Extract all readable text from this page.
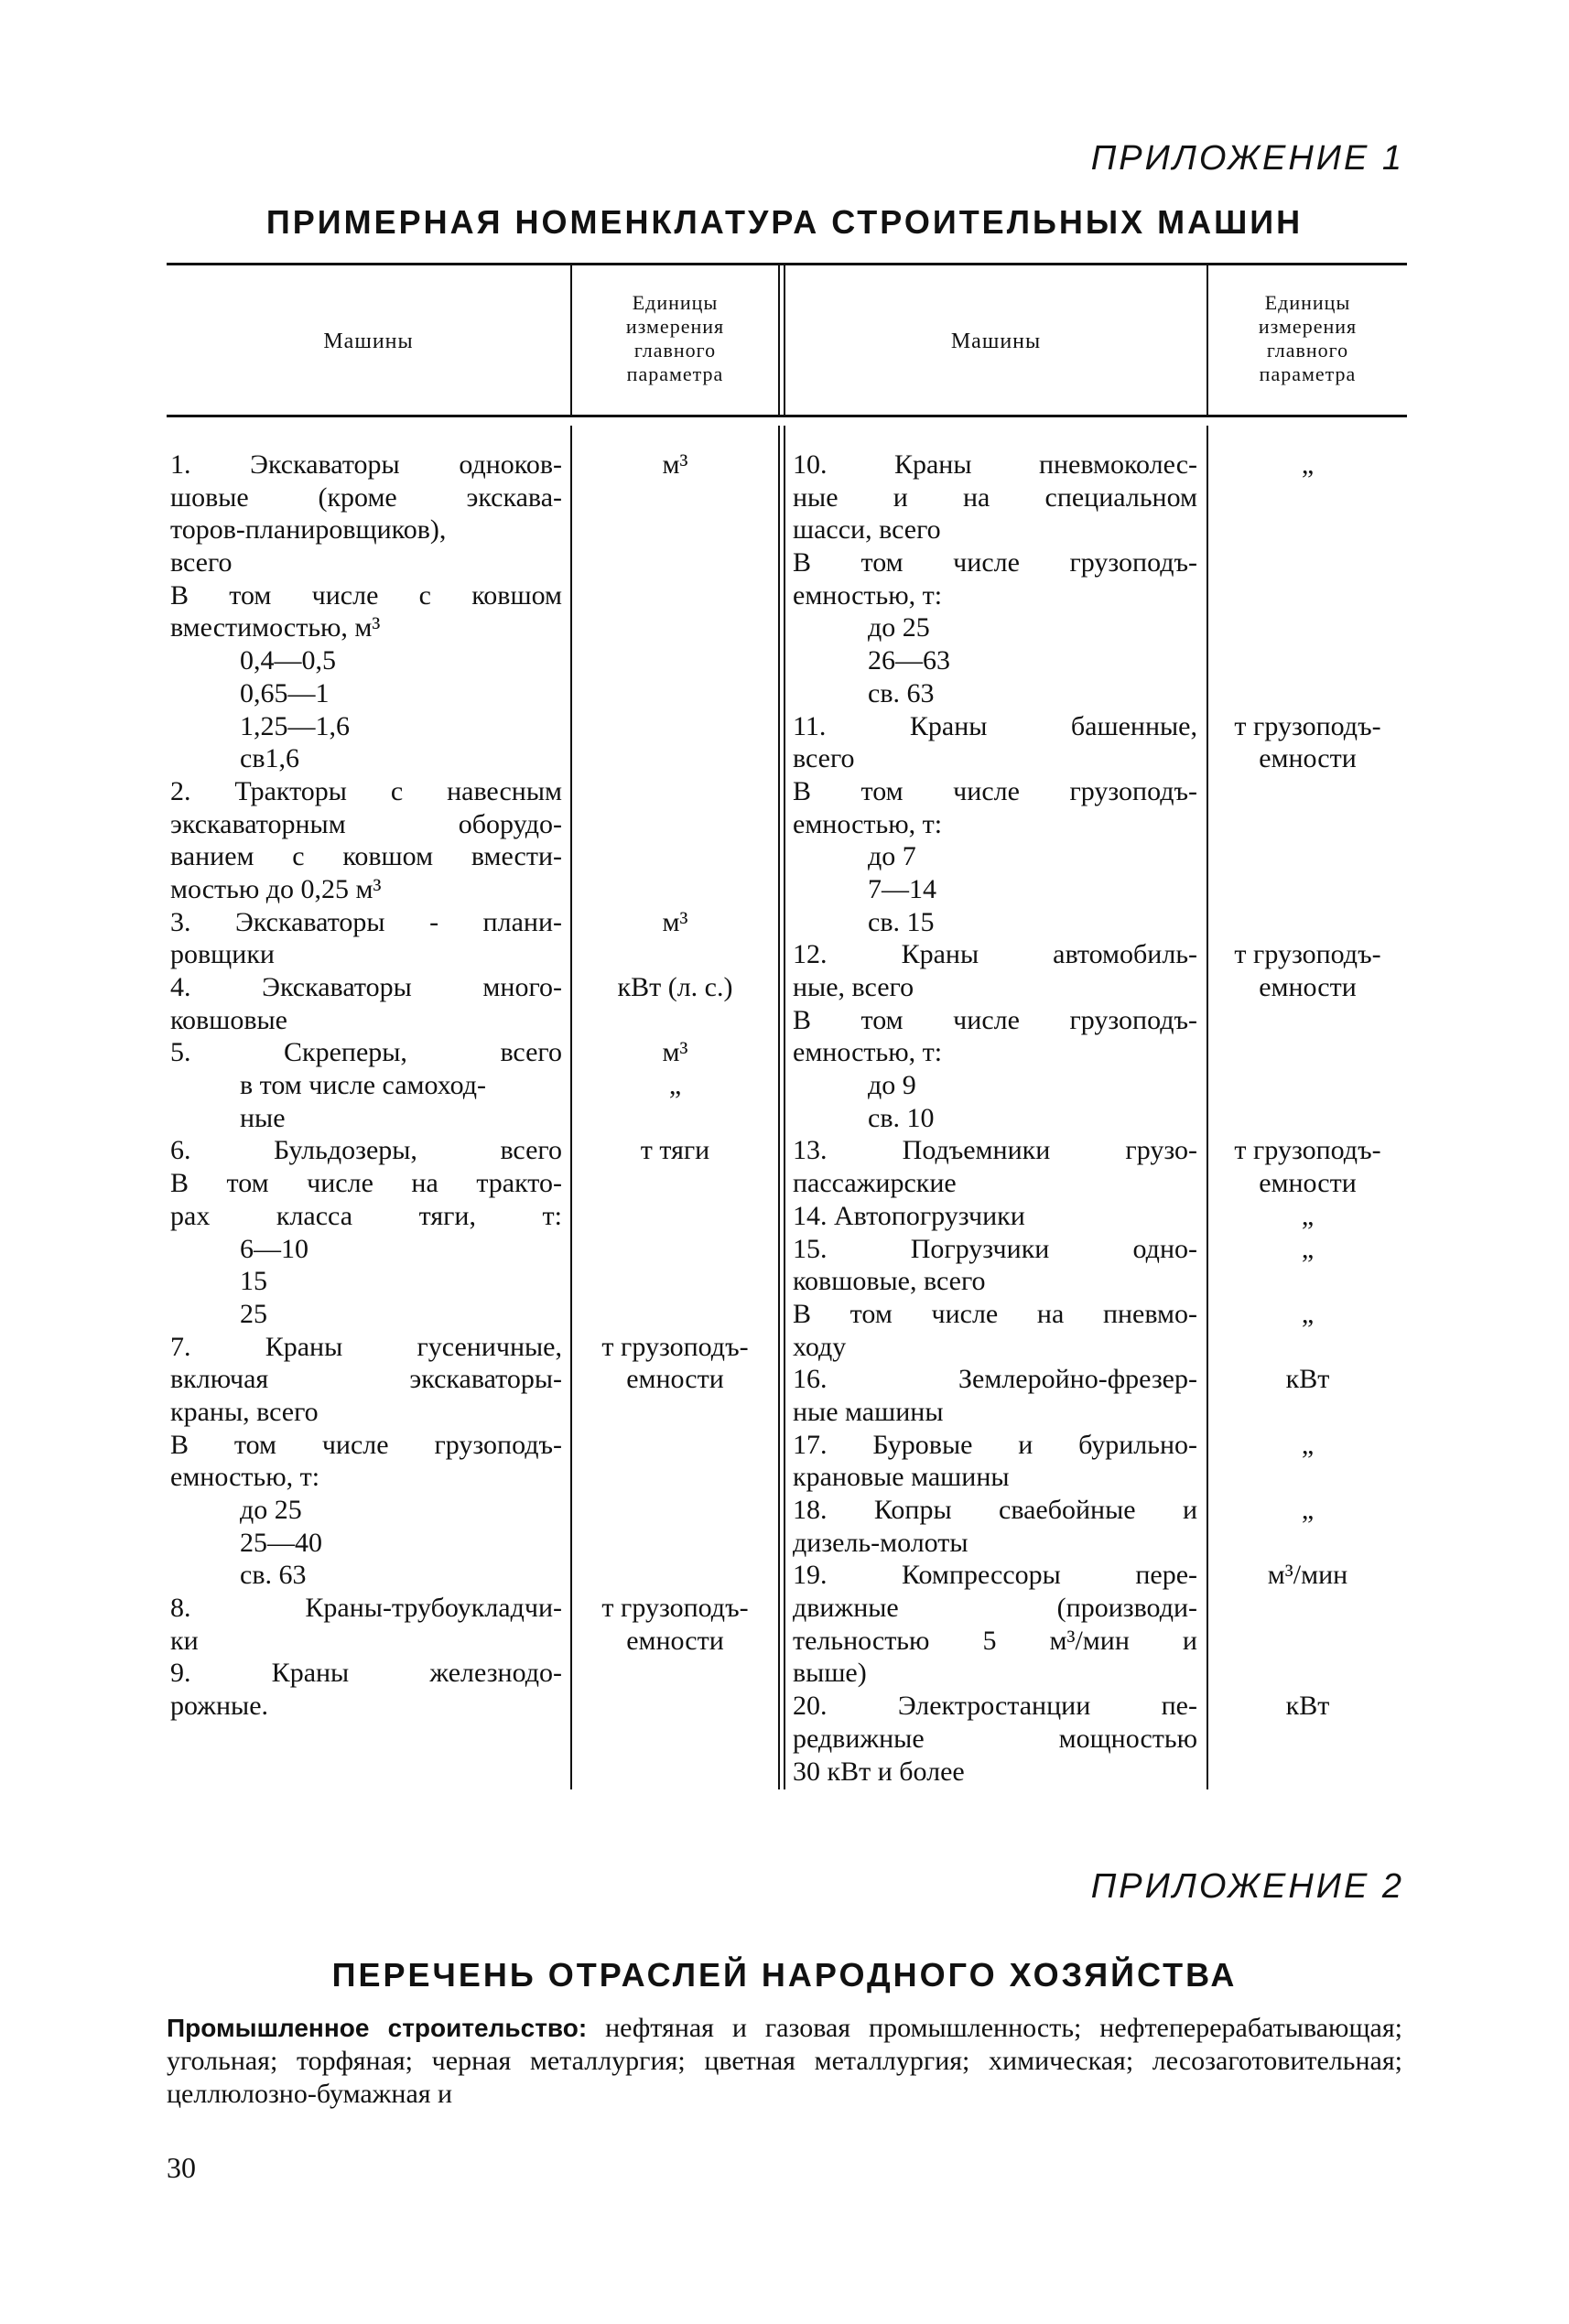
ПРИЛОЖЕНИЕ 1
ПРИМЕРНАЯ НОМЕНКЛАТУРА СТРОИТЕЛЬНЫХ МАШИН
Машины
Единицы
измерения
главного
параметра
Машины
Единицы
измерения
главного
параметра
1. Экскаваторы одноков-
шовые (кроме экскава-
торов-планировщиков),
всего
В том числе с ковшом
вместимостью, м³
0,4—0,5
0,65—1
1,25—1,6
св1,6
2. Тракторы с навесным
экскаваторным оборудо-
ванием с ковшом вмести-
мостью до 0,25 м³
3. Экскаваторы - плани-
ровщики
4. Экскаваторы много-
ковшовые
5. Скреперы, всего
в том числе самоход-
ные
6. Бульдозеры, всего
В том числе на тракто-
рах класса тяги, т:
6—10
15
25
7. Краны гусеничные,
включая экскаваторы-
краны, всего
В том числе грузоподъ-
емностью, т:
до 25
25—40
св. 63
8. Краны-трубоукладчи-
ки
9. Краны железнодо-
рожные.
м³
м³
кВт (л. с.)
м³
„
т тяги
т грузоподъ-
емности
т грузоподъ-
емности
10. Краны пневмоколес-
ные и на специальном
шасси, всего
В том числе грузоподъ-
емностью, т:
до 25
26—63
св. 63
11. Краны башенные,
всего
В том числе грузоподъ-
емностью, т:
до 7
7—14
св. 15
12. Краны автомобиль-
ные, всего
В том числе грузоподъ-
емностью, т:
до 9
св. 10
13. Подъемники грузо-
пассажирские
14. Автопогрузчики
15. Погрузчики одно-
ковшовые, всего
В том числе на пневмо-
ходу
16. Землеройно-фрезер-
ные машины
17. Буровые и бурильно-
крановые машины
18. Копры сваебойные и
дизель-молоты
19. Компрессоры пере-
движные (производи-
тельностью 5 м³/мин и
выше)
20. Электростанции пе-
редвижные мощностью
30 кВт и более
„
т грузоподъ-
емности
т грузоподъ-
емности
т грузоподъ-
емности
„
„
„
кВт
„
„
м³/мин
кВт
ПРИЛОЖЕНИЕ 2
ПЕРЕЧЕНЬ ОТРАСЛЕЙ НАРОДНОГО ХОЗЯЙСТВА
Промышленное строительство: нефтяная и газовая промышленность; нефтеперерабатывающая; угольная; торфяная; черная металлургия; цветная металлургия; химическая; лесозаготовительная; целлюлозно-бумажная и
30
